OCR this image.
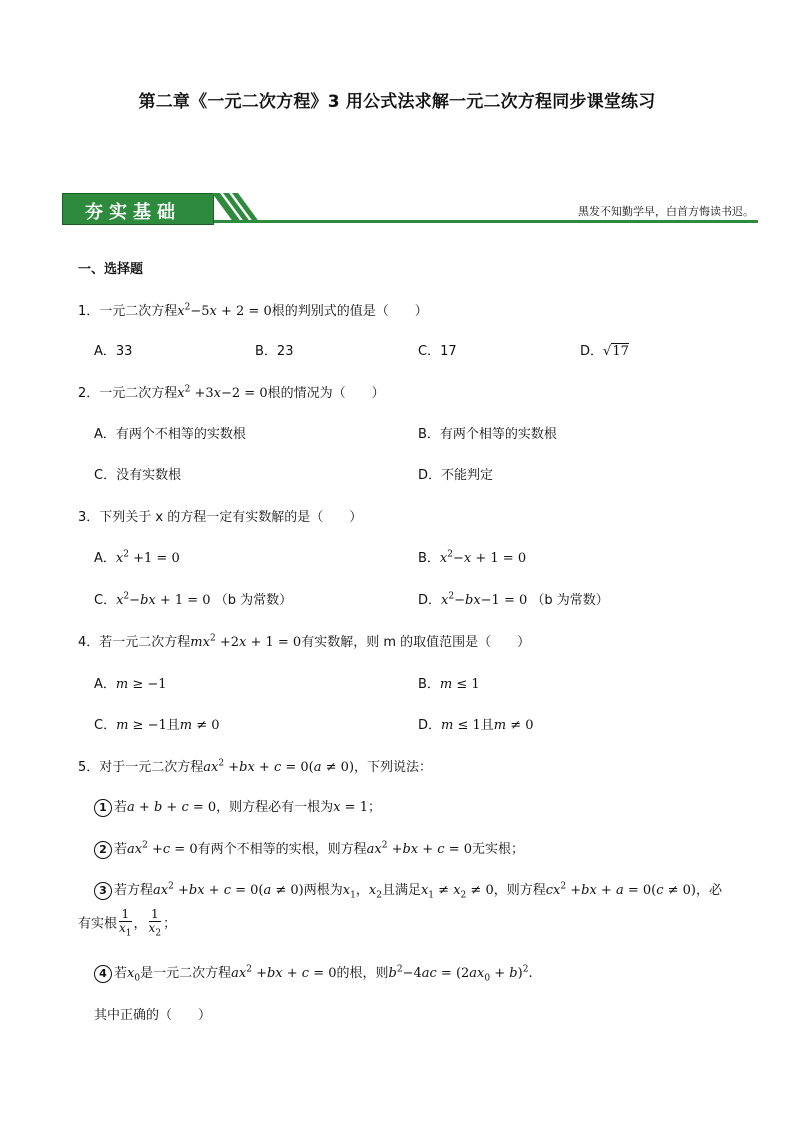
第二章《一元二次方程》3 用公式法求解一元二次方程同步课堂练习
夯实基础	黑发不知勤学早，白首方悔读书迟。
一、选择题
1．一元二次方程$x^2-5x + 2 = 0$根的判别式的值是（　　）
A．33	B．23	C．17	D．√17
2．一元二次方程$x^2 +3x-2 = 0$根的情况为（　　）
A．有两个不相等的实数根	B．有两个相等的实数根
C．没有实数根	D．不能判定
3．下列关于 x 的方程一定有实数解的是（　　）
A．$x^2 +1 = 0$	B．$x^2-x + 1 = 0$
C．$x^2-bx + 1 = 0$ （b 为常数）	D．$x^2-bx-1 = 0$ （b 为常数）
4．若一元二次方程$mx^2 +2x + 1 = 0$有实数解，则 m 的取值范围是（　　）
A．m ≥ −1	B．m ≤ 1
C．m ≥ −1且m ≠ 0	D．m ≤ 1且m ≠ 0
5．对于一元二次方程$ax^2 +bx + c = 0(a \ne 0)$，下列说法：
1 若a + b + c = 0，则方程必有一根为x = 1；
2 若$ax^2 +c = 0$有两个不相等的实根，则方程$ax^2 +bx + c = 0$无实根；
3 若方程$ax^2 +bx + c = 0(a \ne 0)$两根为$x_1$，$x_2$且满足$x_1 \ne x_2 \ne 0$，则方程$cx^2 +bx + a = 0(c \ne 0)$，必
有实根 $\frac{1}{x_1}$ ， $\frac{1}{x_2}$ ；
4 若$x_0$是一元二次方程$ax^2 +bx + c = 0$的根，则$b^2-4ac = (2ax_0 + b)^2$.
其中正确的（　　）
